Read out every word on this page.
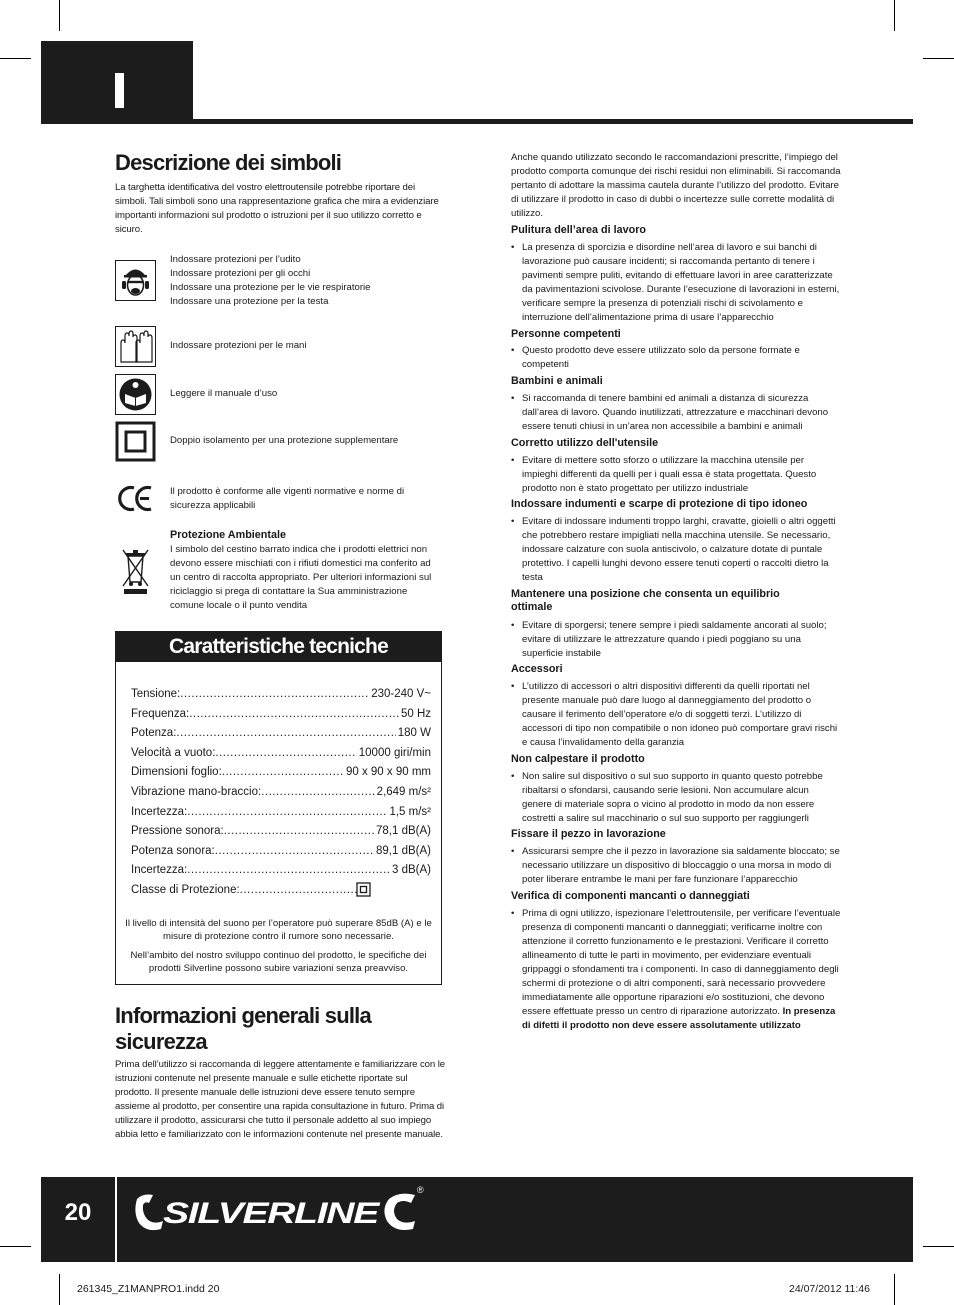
Descrizione dei simboli

La targhetta identificativa del vostro elettroutensile potrebbe riportare dei simboli. Tali simboli sono una rappresentazione grafica che mira a evidenziare importanti informazioni sul prodotto o istruzioni per il suo utilizzo corretto e sicuro.

Indossare protezioni per l’udito

Indossare protezioni per gli occhi

Indossare una protezione per le vie respiratorie

Indossare una protezione per la testa

Indossare protezioni per le mani

Leggere il manuale d’uso

Doppio isolamento per una protezione supplementare

Il prodotto è conforme alle vigenti normative e norme di sicurezza applicabili

Protezione Ambientale

I simbolo del cestino barrato indica che i prodotti elettrici non devono essere mischiati con i rifiuti domestici ma conferito ad un centro di raccolta appropriato. Per ulteriori informazioni sul riciclaggio si prega di contattare la Sua amministrazione comune locale o il punto vendita

Caratteristiche tecniche
Tensione: .....	230-240 V~
Frequenza: .....	50 Hz
Potenza: .....	180 W
Velocità a vuoto: .....	10000 giri/min
Dimensioni foglio: .....	90 x 90 x 90 mm
Vibrazione mano-braccio: .....	2,649 m/s²
Incertezza: .....	1,5 m/s²
Pressione sonora: .....	78,1 dB(A)
Potenza sonora: .....	89,1 dB(A)
Incertezza: .....	3 dB(A)
Classe di Protezione:
.....

Il livello di intensità del suono per l’operatore può superare 85dB (A) e le misure di protezione contro il rumore sono necessarie.

Nell’ambito del nostro sviluppo continuo del prodotto, le specifiche dei prodotti Silverline possono subire variazioni senza preavviso.

Informazioni generali sulla
sicurezza

Prima dell’utilizzo si raccomanda di leggere attentamente e familiarizzare con le istruzioni contenute nel presente manuale e sulle etichette riportate sul prodotto. Il presente manuale delle istruzioni deve essere tenuto sempre assieme al prodotto, per consentire una rapida consultazione in futuro. Prima di utilizzare il prodotto, assicurarsi che tutto il personale addetto al suo impiego abbia letto e familiarizzato con le informazioni contenute nel presente manuale.

Anche quando utilizzato secondo le raccomandazioni prescritte, l’impiego del prodotto comporta comunque dei rischi residui non eliminabili. Si raccomanda pertanto di adottare la massima cautela durante l’utilizzo del prodotto. Evitare di utilizzare il prodotto in caso di dubbi o incertezze sulle corrette modalità di utilizzo.

Pulitura dell’area di lavoro

• La presenza di sporcizia e disordine nell’area di lavoro e sui banchi di lavorazione può causare incidenti; si raccomanda pertanto di tenere i pavimenti sempre puliti, evitando di effettuare lavori in aree caratterizzate da pavimentazioni scivolose. Durante l’esecuzione di lavorazioni in esterni, verificare sempre la presenza di potenziali rischi di scivolamento e interruzione dell’alimentazione prima di usare l’apparecchio

Personne competenti

• Questo prodotto deve essere utilizzato solo da persone formate e competenti

Bambini e animali

• Si raccomanda di tenere bambini ed animali a distanza di sicurezza dall’area di lavoro. Quando inutilizzati, attrezzature e macchinari devono essere tenuti chiusi in un’area non accessibile a bambini e animali

Corretto utilizzo dell'utensile

• Evitare di mettere sotto sforzo o utilizzare la macchina utensile per impieghi differenti da quelli per i quali essa è stata progettata. Questo prodotto non è stato progettato per utilizzo industriale

Indossare indumenti e scarpe di protezione di tipo idoneo

• Evitare di indossare indumenti troppo larghi, cravatte, gioielli o altri oggetti che potrebbero restare impigliati nella macchina utensile. Se necessario, indossare calzature con suola antiscivolo, o calzature dotate di puntale protettivo. I capelli lunghi devono essere tenuti coperti o raccolti dietro la testa

Mantenere una posizione che consenta un equilibrio ottimale

• Evitare di sporgersi; tenere sempre i piedi saldamente ancorati al suolo; evitare di utilizzare le attrezzature quando i piedi poggiano su una superficie instabile

Accessori

• L’utilizzo di accessori o altri dispositivi differenti da quelli riportati nel presente manuale può dare luogo al danneggiamento del prodotto o causare il ferimento dell’operatore e/o di soggetti terzi. L’utilizzo di accessori di tipo non compatibile o non idoneo può comportare gravi rischi e causa l’invalidamento della garanzia

Non calpestare il prodotto

• Non salire sul dispositivo o sul suo supporto in quanto questo potrebbe ribaltarsi o sfondarsi, causando serie lesioni. Non accumulare alcun genere di materiale sopra o vicino al prodotto in modo da non essere costretti a salire sul macchinario o sul suo supporto per raggiungerli

Fissare il pezzo in lavorazione

• Assicurarsi sempre che il pezzo in lavorazione sia saldamente bloccato; se necessario utilizzare un dispositivo di bloccaggio o una morsa in modo di poter liberare entrambe le mani per fare funzionare l’apparecchio

Verifica di componenti mancanti o danneggiati

• Prima di ogni utilizzo, ispezionare l’elettroutensile, per verificare l’eventuale presenza di componenti mancanti o danneggiati; verificarne inoltre con attenzione il corretto funzionamento e le prestazioni. Verificare il corretto allineamento di tutte le parti in movimento, per evidenziare eventuali grippaggi o sfondamenti tra i componenti. In caso di danneggiamento degli schermi di protezione o di altri componenti, sarà necessario provvedere immediatamente alle opportune riparazioni e/o sostituzioni, che devono essere effettuate presso un centro di riparazione autorizzato. In presenza di difetti il prodotto non deve essere assolutamente utilizzato

20	SILVERLINE
®
261345_Z1MANPRO1.indd 20	24/07/2012 11:46
